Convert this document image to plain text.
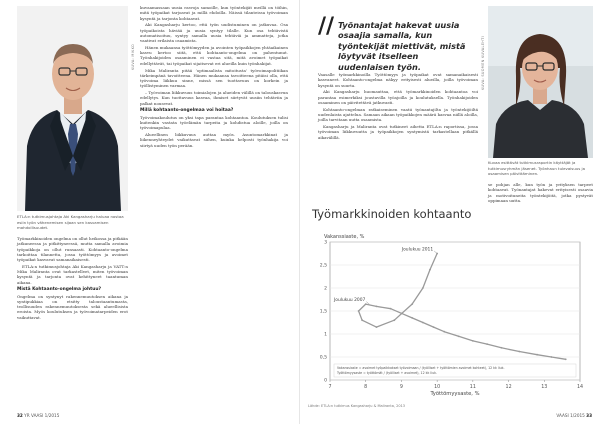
KUVA: MIKKO
ETLA:n tutkimusjohtaja Aki Kangasharju haluaa nostaa esiin työn vähenemisen sijaan sen kasvamisen mahdollisuudet.

Työmarkkinoiden ongelma on ollut heikossa ja pitkään jatkuneessa ja pitkittyneessä, mutta samalla avoimia työpaikkoja on ollut runsaasti. Kohtaanto-ongelma tarkoittaa tilannetta, jossa työttömyys ja avoimet työpaikat kasvavat samanaikaisesti.

ETLA:n tutkimusjohtaja Aki Kangasharju ja VATT:n Mika Maliranta ovat tarkastelleet, miten työvoiman kysyntä ja tarjonta ovat kehittyneet taantuman aikana.

Mistä Kohtaanto-ongelma johtuu?

Ongelma on syntynyt rakennemuutoksen aikana ja syntipukkiaa on etsitty taloustaantumasta, teollisuuden rakennemuutoksesta sekä alueellisista eroista. Myös koulutuksen ja työvoimatarpeiden erot vaikuttavat.

kuvaamassaan uusia rasvoja samoille, kun työntekijät meillä on töihin, mitä työpaikat tarjoavat ja millä ehdoilla. Näissä tilanteissa työvoiman kysyntä ja tarjonta kohtaavat.

Aki Kangasharju kertoo, että työn uudistuminen on jatkuvaa. Osa työpaikoista häviää ja uusia syntyy tilalle. Kun osa tehtävistä automatisoituu, syntyy samalla uusia tehtäviä ja ammatteja, jotka vaativat erilaista osaamista.

Hänen mukaansa työttömyyden ja avointen työpaikkojen yhtäaikainen kasvu kertoo siitä, että kohtaanto-ongelma on pahentunut. Työnhakijoiden osaaminen ei vastaa sitä, mitä avoimet työpaikat edellyttävät, tai työpaikat sijaitsevat eri alueilla kuin työnhakijat.

Mika Maliranta pitää ’optimaalista mitoitusta’ työvoimapolitiikan tärkeimpänä tavoitteena. Hänen mukaansa tavoitteena pitäisi olla, että työvoima liikkuu sinne, missä sen tuottavuus on korkein ja työllistyminen varmaa.

– Työvoiman liikkuvuus toimialojen ja alueiden välillä on talouskasvun edellytys. Kun tuottavuus kasvaa, ihmiset siirtyvät uusiin tehtäviin ja palkat nousevat.

Millä kohtaanto-ongelmaa voi hoitaa?

Työvoimakoulutus on yksi tapa parantaa kohtaantoa. Koulutuksen tulisi kuitenkin vastata työelämän tarpeita ja kohdistua aloille, joilla on työvoimapulaa.

Alueellinen liikkuvuus auttaa myös. Asuntomarkkinat ja liikenneyhteydet vaikuttavat siihen, kuinka helposti työnhakija voi siirtyä uuden työn perään.

32 YR VAASI 1/2015
// Työnantajat hakevat uusia osaajia samalla, kun työntekijät miettivät, mistä löytyvät itselleen uudenlaisen työn.	KUVA: SUOMEN KUVALEHTI
Kuvaa esittävät tutkimusraportin käyttäjät ja tutkimusryhmän jäsenet. Työnhaun tulevaisuus ja osaamisen päivittäminen.

Vaasalle työmarkkinoilla Työttömyys ja työpaikat ovat samanaikaisesti kasvaneet. Kohtaanto-ongelma näkyy erityisesti alueilla, joilla työvoiman kysyntä on suurta.

Aki Kangasharju huomauttaa, että työmarkkinoiden kohtaantoa voi parantaa esimerkiksi joustavilla työajoilla ja koulutuksella. Työnhakijoiden osaaminen on päivitettävä jatkuvasti.

Kohtaanto-ongelman ratkaiseminen vaatii työnantajilta ja työntekijöiltä uudenlaista ajattelua. Samaan aikaan työpaikkojen määrä kasvaa niillä aloilla, joilla tarvitaan uutta osaamista.

Kangasharju ja Maliranta ovat tutkineet aihetta ETLA:n raportissa, jossa työvoiman liikkuvuutta ja työpaikkojen syntymistä tarkastellaan pitkällä aikavälillä.

se pohjan alle, kun työn ja yrityksen tarpeet kohtaavat. Työnantajat hakevat erityisesti osaavia ja motivoituneita työntekijöitä, jotka pystyvät oppimaan uutta.

Työmarkkinoiden kohtaanto
0
0,5
1
1,5
2
2,5
3
7	8	9	10	11	12	13	14
Vakanssiaste, %
Työttömyysaste, %
Joulukuu 2011
Joulukuu 2007
Vakanssiaste = avoimet työpaikkakset työvoimaan / (työlliset + työttömien avoimet kohteet), 12 kk liuk.
Työttömyysaste = työttömät / (työlliset + avoimet), 12 kk liuk.
Lähde: ETLA:n tutkimus Kangasharju & Maliranta, 2013
VAASI 1/2015 33
